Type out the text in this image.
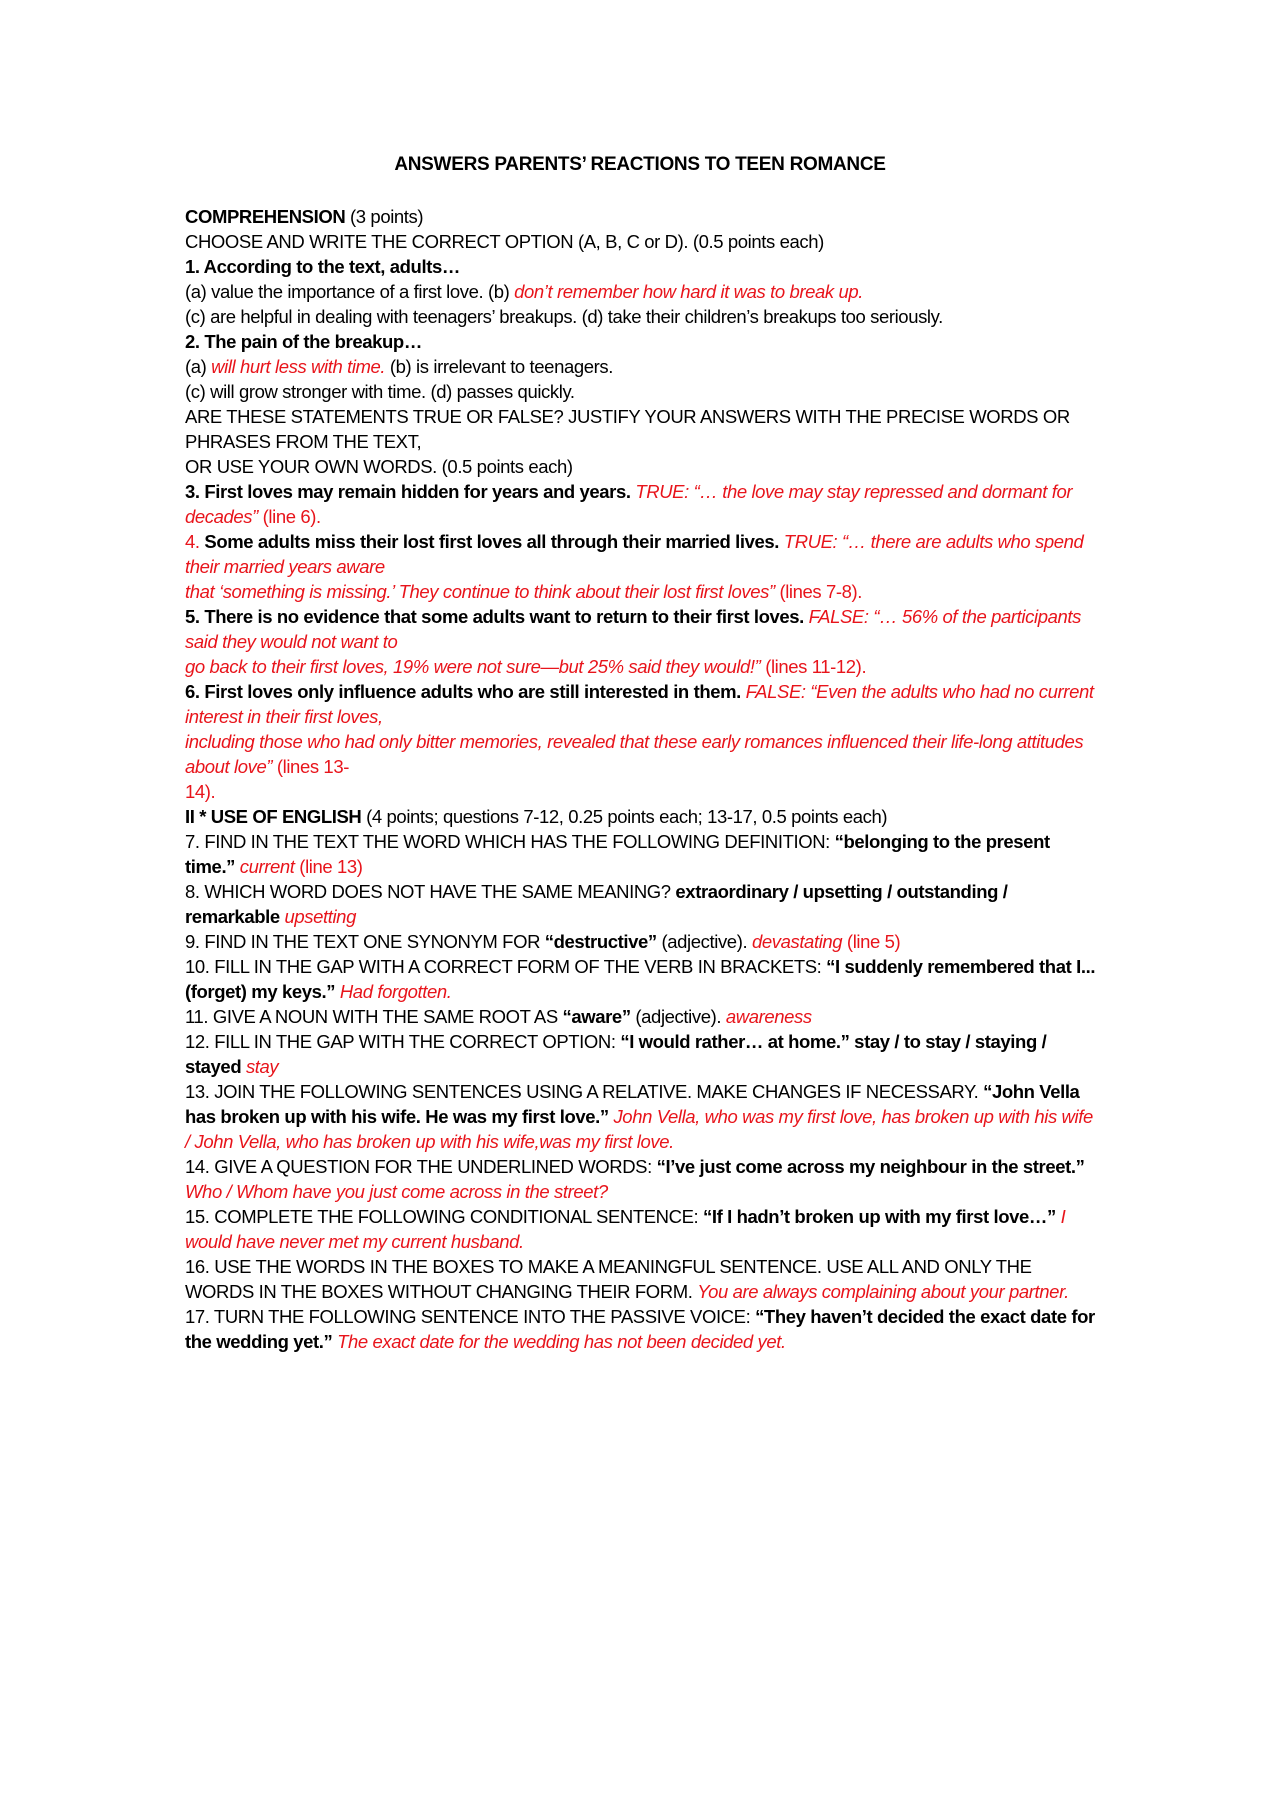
ANSWERS PARENTS’ REACTIONS TO TEEN ROMANCE
COMPREHENSION (3 points)
CHOOSE AND WRITE THE CORRECT OPTION (A, B, C or D). (0.5 points each)
1. According to the text, adults…
(a) value the importance of a first love. (b) don’t remember how hard it was to break up.
(c) are helpful in dealing with teenagers’ breakups. (d) take their children’s breakups too seriously.
2. The pain of the breakup…
(a) will hurt less with time. (b) is irrelevant to teenagers.
(c) will grow stronger with time. (d) passes quickly.
ARE THESE STATEMENTS TRUE OR FALSE? JUSTIFY YOUR ANSWERS WITH THE PRECISE WORDS OR
PHRASES FROM THE TEXT,
OR USE YOUR OWN WORDS. (0.5 points each)
3. First loves may remain hidden for years and years. TRUE: “… the love may stay repressed and dormant for
decades” (line 6).
4. Some adults miss their lost first loves all through their married lives. TRUE: “… there are adults who spend
their married years aware
that ‘something is missing.’ They continue to think about their lost first loves” (lines 7-8).
5. There is no evidence that some adults want to return to their first loves. FALSE: “… 56% of the participants
said they would not want to
go back to their first loves, 19% were not sure—but 25% said they would!” (lines 11-12).
6. First loves only influence adults who are still interested in them. FALSE: “Even the adults who had no current
interest in their first loves,
including those who had only bitter memories, revealed that these early romances influenced their life-long attitudes
about love” (lines 13-
14).
II * USE OF ENGLISH (4 points; questions 7-12, 0.25 points each; 13-17, 0.5 points each)
7. FIND IN THE TEXT THE WORD WHICH HAS THE FOLLOWING DEFINITION: “belonging to the present
time.” current (line 13)
8. WHICH WORD DOES NOT HAVE THE SAME MEANING? extraordinary / upsetting / outstanding /
remarkable upsetting
9. FIND IN THE TEXT ONE SYNONYM FOR “destructive” (adjective). devastating (line 5)
10. FILL IN THE GAP WITH A CORRECT FORM OF THE VERB IN BRACKETS: “I suddenly remembered that I...
(forget) my keys.” Had forgotten.
11. GIVE A NOUN WITH THE SAME ROOT AS “aware” (adjective). awareness
12. FILL IN THE GAP WITH THE CORRECT OPTION: “I would rather… at home.” stay / to stay / staying /
stayed stay
13. JOIN THE FOLLOWING SENTENCES USING A RELATIVE. MAKE CHANGES IF NECESSARY. “John Vella
has broken up with his wife. He was my first love.” John Vella, who was my first love, has broken up with his wife
/ John Vella, who has broken up with his wife,was my first love.
14. GIVE A QUESTION FOR THE UNDERLINED WORDS: “I’ve just come across my neighbour in the street.”
Who / Whom have you just come across in the street?
15. COMPLETE THE FOLLOWING CONDITIONAL SENTENCE: “If I hadn’t broken up with my first love…” I
would have never met my current husband.
16. USE THE WORDS IN THE BOXES TO MAKE A MEANINGFUL SENTENCE. USE ALL AND ONLY THE
WORDS IN THE BOXES WITHOUT CHANGING THEIR FORM. You are always complaining about your partner.
17. TURN THE FOLLOWING SENTENCE INTO THE PASSIVE VOICE: “They haven’t decided the exact date for
the wedding yet.” The exact date for the wedding has not been decided yet.
